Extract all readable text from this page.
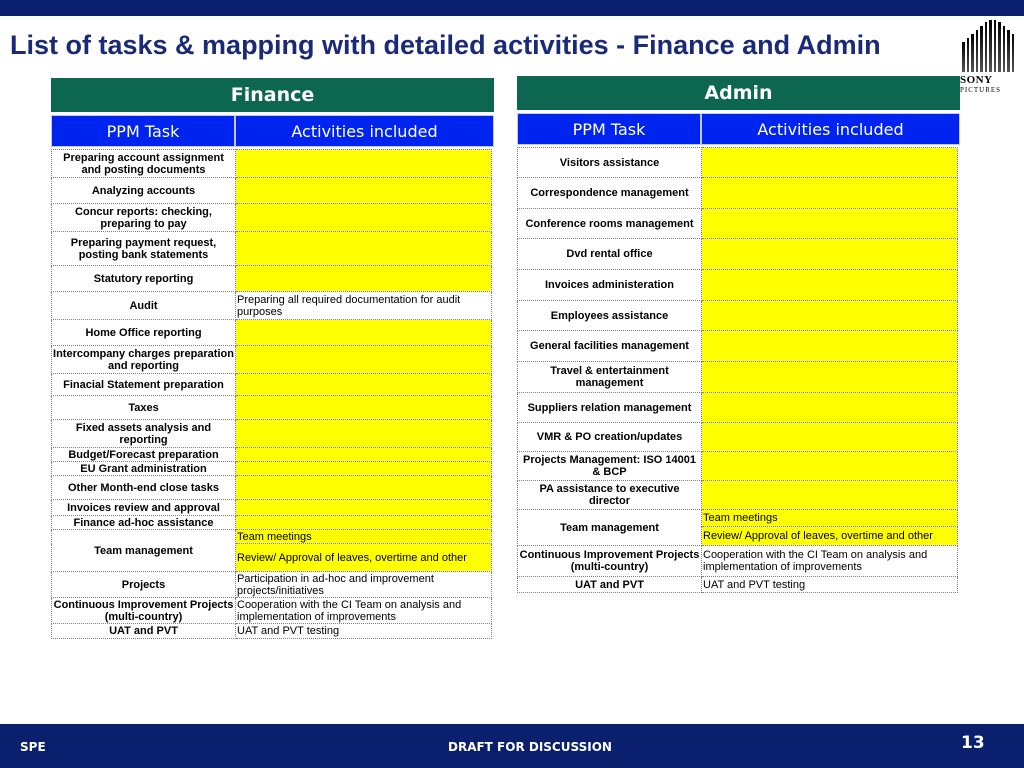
List of tasks & mapping with detailed activities - Finance and Admin
SONY
PICTURES
Finance
PPM Task	Activities included
Preparing account assignment and posting documents	
Analyzing accounts	
Concur reports: checking, preparing to pay	
Preparing payment request, posting bank statements	
Statutory reporting	
Audit	Preparing all required documentation for audit purposes
Home Office reporting	
Intercompany charges preparation and reporting	
Finacial Statement preparation	
Taxes	
Fixed assets analysis and reporting	
Budget/Forecast preparation	
EU Grant administration	
Other Month-end close tasks	
Invoices review and approval	
Finance ad-hoc assistance	
Team management	Team meetings
	Review/ Approval of leaves, overtime and other
Projects	Participation in ad-hoc and improvement projects/initiatives
Continuous Improvement Projects (multi-country)	Cooperation with the CI Team on analysis and implementation of improvements
UAT and PVT	UAT and PVT testing
Admin
PPM Task	Activities included
Visitors assistance	
Correspondence management	
Conference rooms management	
Dvd rental office	
Invoices administeration	
Employees assistance	
General facilities management	
Travel & entertainment management	
Suppliers relation management	
VMR & PO creation/updates	
Projects Management: ISO 14001 & BCP	
PA assistance to executive director	
Team management	Team meetings
	Review/ Approval of leaves, overtime and other
Continuous Improvement Projects (multi-country)	Cooperation with the CI Team on analysis and implementation of improvements
UAT and PVT	UAT and PVT testing
SPE	DRAFT FOR DISCUSSION	13
